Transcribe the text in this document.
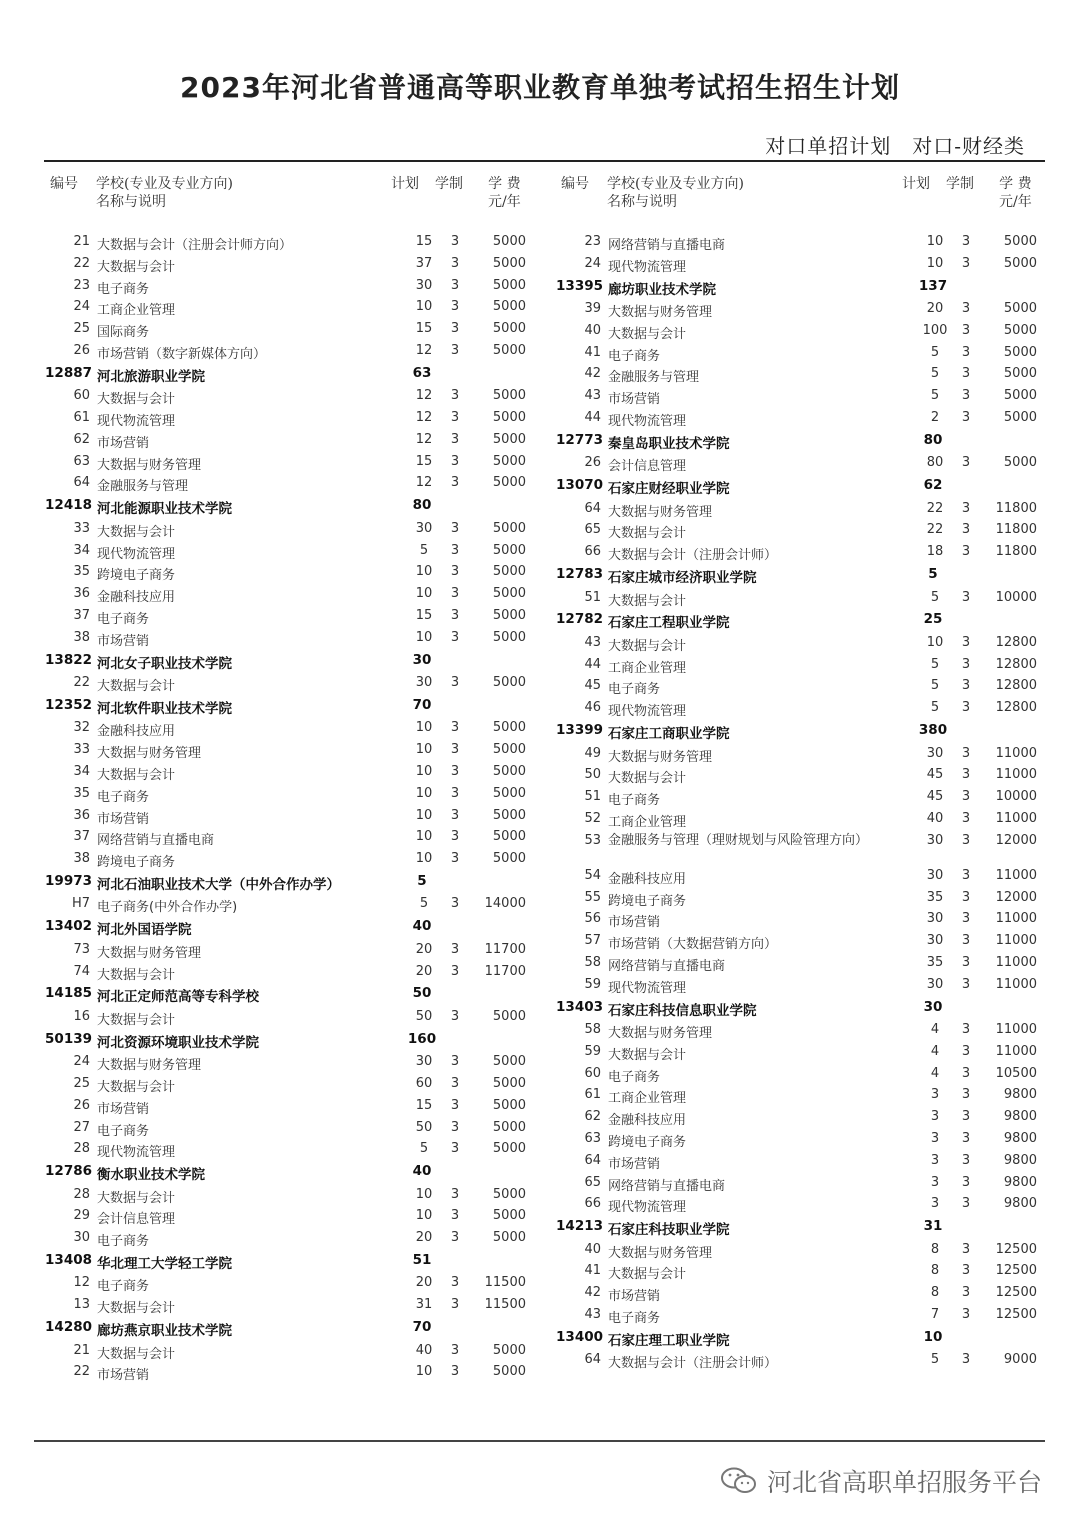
2023年河北省普通高等职业教育单独考试招生招生计划
对口单招计划　对口-财经类
编号 学校(专业及专业方向)
名称与说明
计划 学制 学 费
元/年
21 大数据与会计（注册会计师方向）	15	3	5000
22 大数据与会计	37	3	5000
23 电子商务	30	3	5000
24 工商企业管理	10	3	5000
25 国际商务	15	3	5000
26 市场营销（数字新媒体方向）	12	3	5000
12887 河北旅游职业学院	63
60 大数据与会计	12	3	5000
61 现代物流管理	12	3	5000
62 市场营销	12	3	5000
63 大数据与财务管理	15	3	5000
64 金融服务与管理	12	3	5000
12418 河北能源职业技术学院	80
33 大数据与会计	30	3	5000
34 现代物流管理	5	3	5000
35 跨境电子商务	10	3	5000
36 金融科技应用	10	3	5000
37 电子商务	15	3	5000
38 市场营销	10	3	5000
13822 河北女子职业技术学院	30
22 大数据与会计	30	3	5000
12352 河北软件职业技术学院	70
32 金融科技应用	10	3	5000
33 大数据与财务管理	10	3	5000
34 大数据与会计	10	3	5000
35 电子商务	10	3	5000
36 市场营销	10	3	5000
37 网络营销与直播电商	10	3	5000
38 跨境电子商务	10	3	5000
19973 河北石油职业技术大学（中外合作办学）	5
H7 电子商务(中外合作办学)	5	3	14000
13402 河北外国语学院	40
73 大数据与财务管理	20	3	11700
74 大数据与会计	20	3	11700
14185 河北正定师范高等专科学校	50
16 大数据与会计	50	3	5000
50139 河北资源环境职业技术学院	160
24 大数据与财务管理	30	3	5000
25 大数据与会计	60	3	5000
26 市场营销	15	3	5000
27 电子商务	50	3	5000
28 现代物流管理	5	3	5000
12786 衡水职业技术学院	40
28 大数据与会计	10	3	5000
29 会计信息管理	10	3	5000
30 电子商务	20	3	5000
13408 华北理工大学轻工学院	51
12 电子商务	20	3	11500
13 大数据与会计	31	3	11500
14280 廊坊燕京职业技术学院	70
21 大数据与会计	40	3	5000
22 市场营销	10	3	5000
编号 学校(专业及专业方向)
名称与说明
计划 学制 学 费
元/年
23 网络营销与直播电商	10	3	5000
24 现代物流管理	10	3	5000
13395 廊坊职业技术学院	137
39 大数据与财务管理	20	3	5000
40 大数据与会计	100	3	5000
41 电子商务	5	3	5000
42 金融服务与管理	5	3	5000
43 市场营销	5	3	5000
44 现代物流管理	2	3	5000
12773 秦皇岛职业技术学院	80
26 会计信息管理	80	3	5000
13070 石家庄财经职业学院	62
64 大数据与财务管理	22	3	11800
65 大数据与会计	22	3	11800
66 大数据与会计（注册会计师）	18	3	11800
12783 石家庄城市经济职业学院	5
51 大数据与会计	5	3	10000
12782 石家庄工程职业学院	25
43 大数据与会计	10	3	12800
44 工商企业管理	5	3	12800
45 电子商务	5	3	12800
46 现代物流管理	5	3	12800
13399 石家庄工商职业学院	380
49 大数据与财务管理	30	3	11000
50 大数据与会计	45	3	11000
51 电子商务	45	3	10000
52 工商企业管理	40	3	11000
53 金融服务与管理（理财规划与风险管理方向）	30	3	12000
54 金融科技应用	30	3	11000
55 跨境电子商务	35	3	12000
56 市场营销	30	3	11000
57 市场营销（大数据营销方向）	30	3	11000
58 网络营销与直播电商	35	3	11000
59 现代物流管理	30	3	11000
13403 石家庄科技信息职业学院	30
58 大数据与财务管理	4	3	11000
59 大数据与会计	4	3	11000
60 电子商务	4	3	10500
61 工商企业管理	3	3	9800
62 金融科技应用	3	3	9800
63 跨境电子商务	3	3	9800
64 市场营销	3	3	9800
65 网络营销与直播电商	3	3	9800
66 现代物流管理	3	3	9800
14213 石家庄科技职业学院	31
40 大数据与财务管理	8	3	12500
41 大数据与会计	8	3	12500
42 市场营销	8	3	12500
43 电子商务	7	3	12500
13400 石家庄理工职业学院	10
64 大数据与会计（注册会计师）	5	3	9000
河北省高职单招服务平台
